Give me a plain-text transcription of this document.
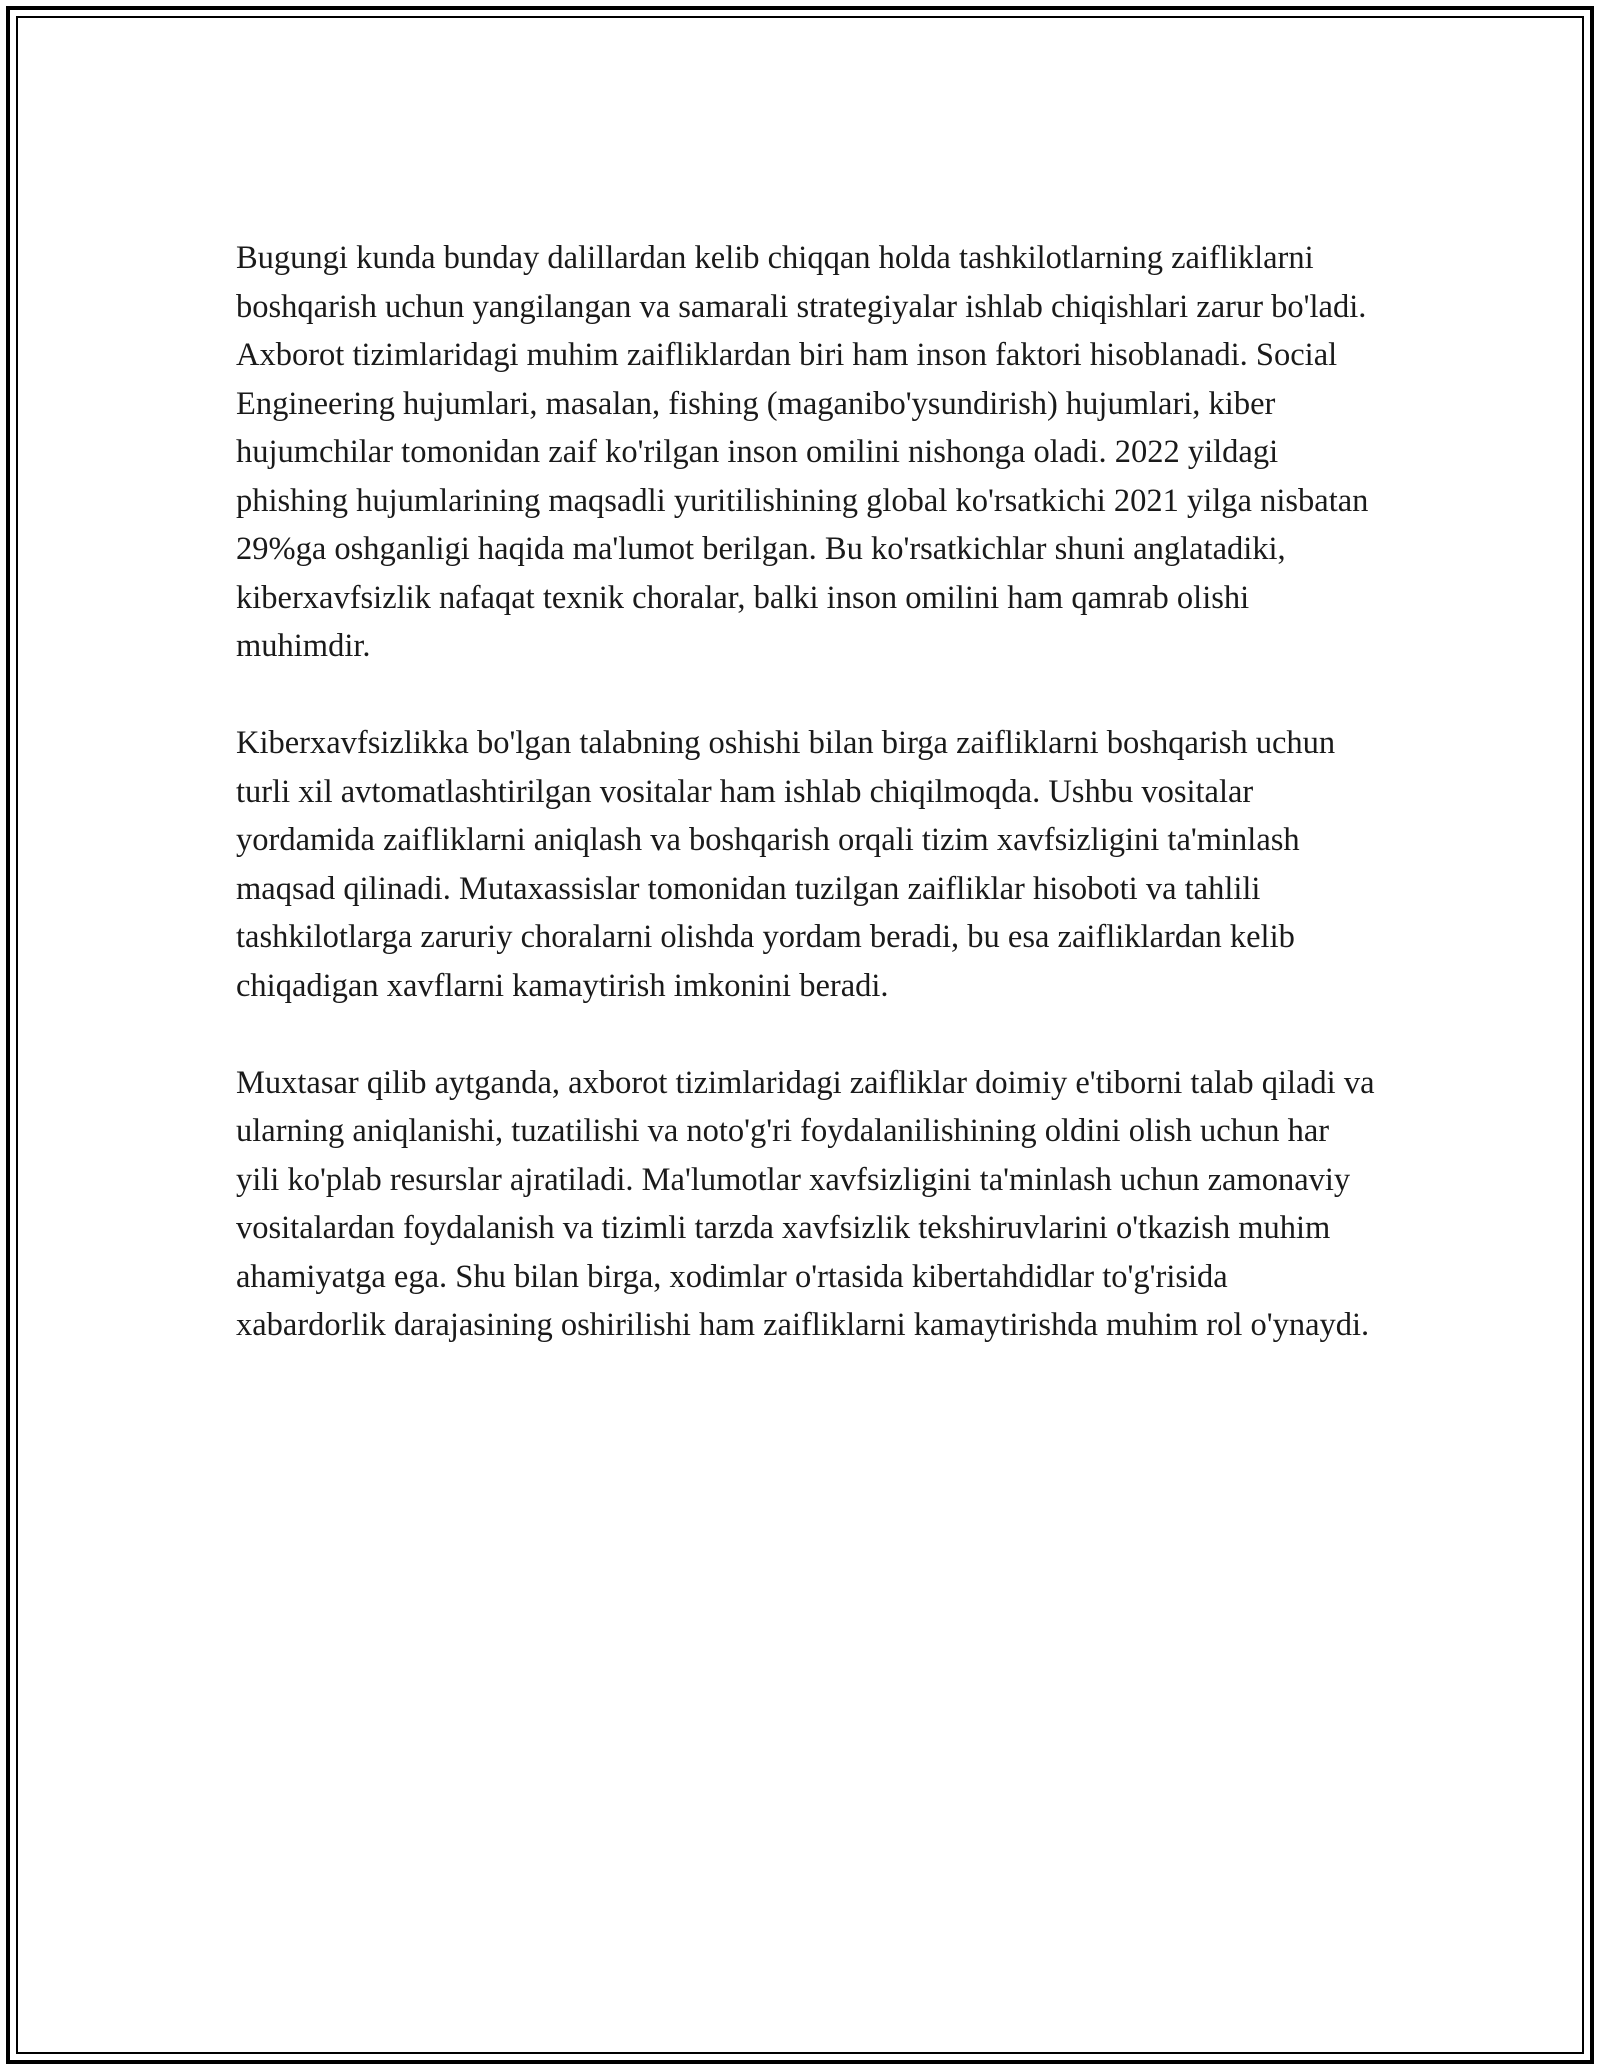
Bugungi kunda bunday dalillardan kelib chiqqan holda tashkilotlarning zaifliklarni boshqarish uchun yangilangan va samarali strategiyalar ishlab chiqishlari zarur bo'ladi. Axborot tizimlaridagi muhim zaifliklardan biri ham inson faktori hisoblanadi. Social Engineering hujumlari, masalan, fishing (maganibo'ysundirish) hujumlari, kiber hujumchilar tomonidan zaif ko'rilgan inson omilini nishonga oladi. 2022 yildagi phishing hujumlarining maqsadli yuritilishining global ko'rsatkichi 2021 yilga nisbatan 29%ga oshganligi haqida ma'lumot berilgan. Bu ko'rsatkichlar shuni anglatadiki, kiberxavfsizlik nafaqat texnik choralar, balki inson omilini ham qamrab olishi muhimdir.

Kiberxavfsizlikka bo'lgan talabning oshishi bilan birga zaifliklarni boshqarish uchun turli xil avtomatlashtirilgan vositalar ham ishlab chiqilmoqda. Ushbu vositalar yordamida zaifliklarni aniqlash va boshqarish orqali tizim xavfsizligini ta'minlash maqsad qilinadi. Mutaxassislar tomonidan tuzilgan zaifliklar hisoboti va tahlili tashkilotlarga zaruriy choralarni olishda yordam beradi, bu esa zaifliklardan kelib chiqadigan xavflarni kamaytirish imkonini beradi.

Muxtasar qilib aytganda, axborot tizimlaridagi zaifliklar doimiy e'tiborni talab qiladi va ularning aniqlanishi, tuzatilishi va noto'g'ri foydalanilishining oldini olish uchun har yili ko'plab resurslar ajratiladi. Ma'lumotlar xavfsizligini ta'minlash uchun zamonaviy vositalardan foydalanish va tizimli tarzda xavfsizlik tekshiruvlarini o'tkazish muhim ahamiyatga ega. Shu bilan birga, xodimlar o'rtasida kibertahdidlar to'g'risida xabardorlik darajasining oshirilishi ham zaifliklarni kamaytirishda muhim rol o'ynaydi.
